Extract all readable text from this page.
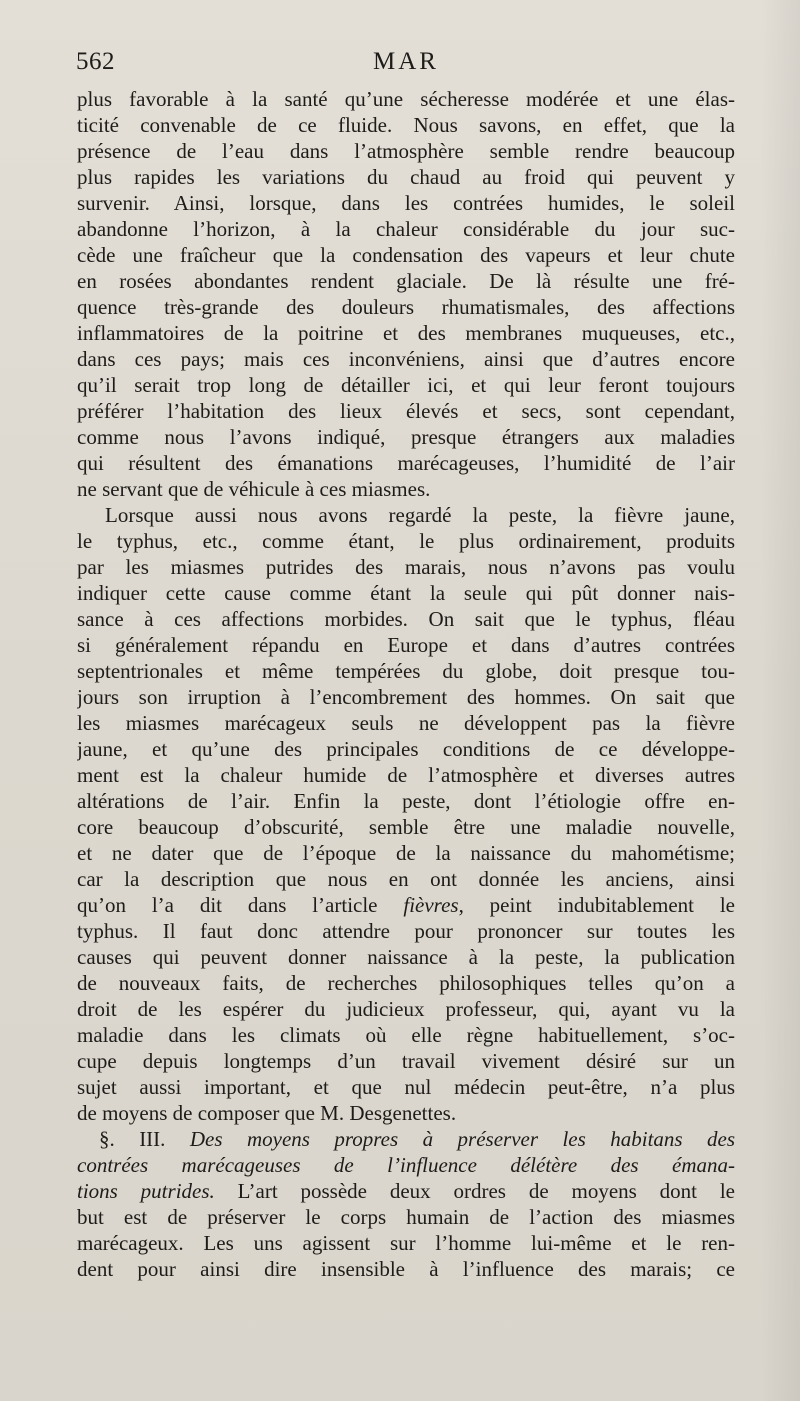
562	MAR
plus favorable à la santé qu’une sécheresse modérée et une élas-
ticité convenable de ce fluide. Nous savons, en effet, que la
présence de l’eau dans l’atmosphère semble rendre beaucoup
plus rapides les variations du chaud au froid qui peuvent y
survenir. Ainsi, lorsque, dans les contrées humides, le soleil
abandonne l’horizon, à la chaleur considérable du jour suc-
cède une fraîcheur que la condensation des vapeurs et leur chute
en rosées abondantes rendent glaciale. De là résulte une fré-
quence très-grande des douleurs rhumatismales, des affections
inflammatoires de la poitrine et des membranes muqueuses, etc.,
dans ces pays; mais ces inconvéniens, ainsi que d’autres encore
qu’il serait trop long de détailler ici, et qui leur feront toujours
préférer l’habitation des lieux élevés et secs, sont cependant,
comme nous l’avons indiqué, presque étrangers aux maladies
qui résultent des émanations marécageuses, l’humidité de l’air
ne servant que de véhicule à ces miasmes.
Lorsque aussi nous avons regardé la peste, la fièvre jaune,
le typhus, etc., comme étant, le plus ordinairement, produits
par les miasmes putrides des marais, nous n’avons pas voulu
indiquer cette cause comme étant la seule qui pût donner nais-
sance à ces affections morbides. On sait que le typhus, fléau
si généralement répandu en Europe et dans d’autres contrées
septentrionales et même tempérées du globe, doit presque tou-
jours son irruption à l’encombrement des hommes. On sait que
les miasmes marécageux seuls ne développent pas la fièvre
jaune, et qu’une des principales conditions de ce développe-
ment est la chaleur humide de l’atmosphère et diverses autres
altérations de l’air. Enfin la peste, dont l’étiologie offre en-
core beaucoup d’obscurité, semble être une maladie nouvelle,
et ne dater que de l’époque de la naissance du mahométisme;
car la description que nous en ont donnée les anciens, ainsi
qu’on l’a dit dans l’article fièvres, peint indubitablement le
typhus. Il faut donc attendre pour prononcer sur toutes les
causes qui peuvent donner naissance à la peste, la publication
de nouveaux faits, de recherches philosophiques telles qu’on a
droit de les espérer du judicieux professeur, qui, ayant vu la
maladie dans les climats où elle règne habituellement, s’oc-
cupe depuis longtemps d’un travail vivement désiré sur un
sujet aussi important, et que nul médecin peut-être, n’a plus
de moyens de composer que M. Desgenettes.
§. III. Des moyens propres à préserver les habitans des
contrées marécageuses de l’influence délétère des émana-
tions putrides. L’art possède deux ordres de moyens dont le
but est de préserver le corps humain de l’action des miasmes
marécageux. Les uns agissent sur l’homme lui-même et le ren-
dent pour ainsi dire insensible à l’influence des marais; ce
